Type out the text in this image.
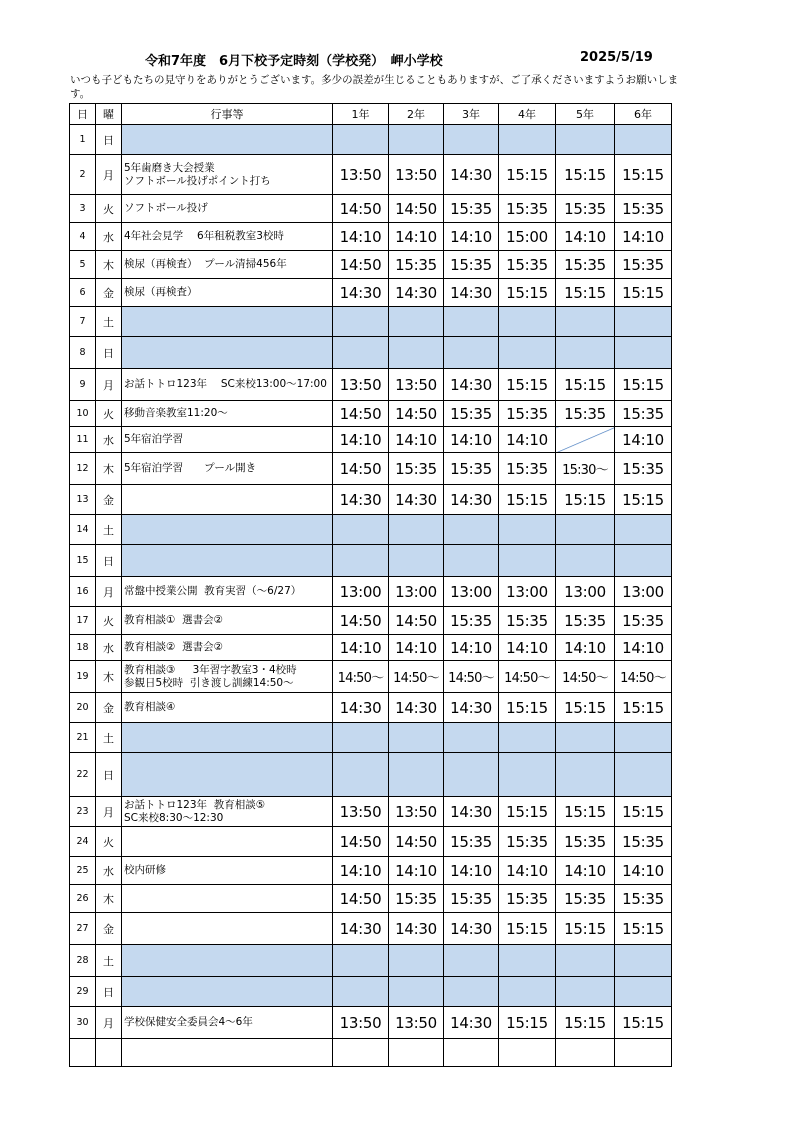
令和7年度　6月下校予定時刻（学校発）　岬小学校	2025/5/19
いつも子どもたちの見守りをありがとうございます。多少の誤差が生じることもありますが、ご了承くださいますようお願いします。
日	曜	行事等	1年	2年	3年	4年	5年	6年
1	日							
2	月	5年歯磨き大会授業
ソフトボール投げポイント打ち	13:50	13:50	14:30	15:15	15:15	15:15
3	火	ソフトボール投げ	14:50	14:50	15:35	15:35	15:35	15:35
4	水	4年社会見学　 6年租税教室3校時	14:10	14:10	14:10	15:00	14:10	14:10
5	木	検尿（再検査）  プール清掃456年	14:50	15:35	15:35	15:35	15:35	15:35
6	金	検尿（再検査）	14:30	14:30	14:30	15:15	15:15	15:15
7	土							
8	日							
9	月	お話トトロ123年　 SC来校13:00～17:00	13:50	13:50	14:30	15:15	15:15	15:15
10	火	移動音楽教室11:20～	14:50	14:50	15:35	15:35	15:35	15:35
11	水	5年宿泊学習	14:10	14:10	14:10	14:10		14:10
12	木	5年宿泊学習　　プール開き	14:50	15:35	15:35	15:35	15:30～	15:35
13	金		14:30	14:30	14:30	15:15	15:15	15:15
14	土							
15	日							
16	月	常盤中授業公開  教育実習（～6/27）	13:00	13:00	13:00	13:00	13:00	13:00
17	火	教育相談①  選書会②	14:50	14:50	15:35	15:35	15:35	15:35
18	水	教育相談②  選書会②	14:10	14:10	14:10	14:10	14:10	14:10
19	木	教育相談③　  3年習字教室3・4校時
参観日5校時  引き渡し訓練14:50～	14:50～	14:50～	14:50～	14:50～	14:50～	14:50～
20	金	教育相談④	14:30	14:30	14:30	15:15	15:15	15:15
21	土							
22	日							
23	月	お話トトロ123年  教育相談⑤
SC来校8:30～12:30	13:50	13:50	14:30	15:15	15:15	15:15
24	火		14:50	14:50	15:35	15:35	15:35	15:35
25	水	校内研修	14:10	14:10	14:10	14:10	14:10	14:10
26	木		14:50	15:35	15:35	15:35	15:35	15:35
27	金		14:30	14:30	14:30	15:15	15:15	15:15
28	土							
29	日							
30	月	学校保健安全委員会4～6年	13:50	13:50	14:30	15:15	15:15	15:15
